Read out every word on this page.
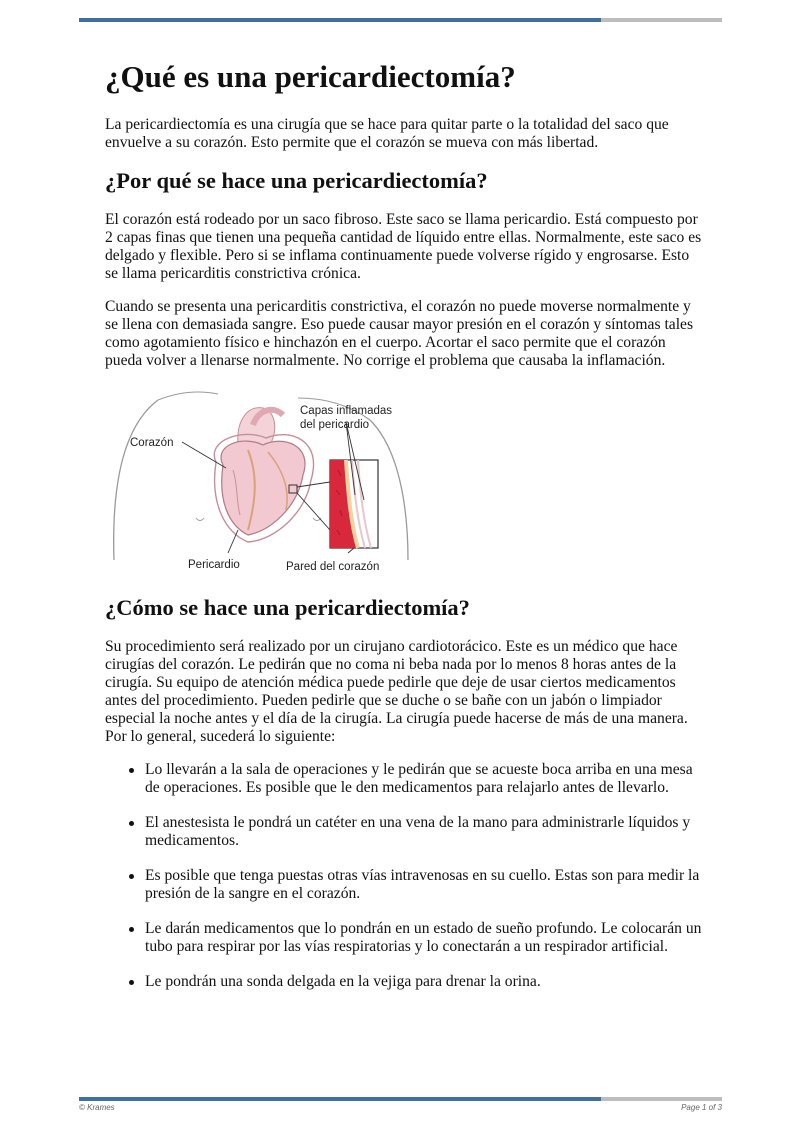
¿Qué es una pericardiectomía?

La pericardiectomía es una cirugía que se hace para quitar parte o la totalidad del saco que envuelve a su corazón. Esto permite que el corazón se mueva con más libertad.

¿Por qué se hace una pericardiectomía?

El corazón está rodeado por un saco fibroso. Este saco se llama pericardio. Está compuesto por 2 capas finas que tienen una pequeña cantidad de líquido entre ellas. Normalmente, este saco es delgado y flexible. Pero si se inflama continuamente puede volverse rígido y engrosarse. Esto se llama pericarditis constrictiva crónica.

Cuando se presenta una pericarditis constrictiva, el corazón no puede moverse normalmente y se llena con demasiada sangre. Eso puede causar mayor presión en el corazón y síntomas tales como agotamiento físico e hinchazón en el cuerpo. Acortar el saco permite que el corazón pueda volver a llenarse normalmente. No corrige el problema que causaba la inflamación.

Corazón
Capas inflamadas
del pericardio
Pericardio	Pared del corazón
¿Cómo se hace una pericardiectomía?

Su procedimiento será realizado por un cirujano cardiotorácico. Este es un médico que hace cirugías del corazón. Le pedirán que no coma ni beba nada por lo menos 8 horas antes de la cirugía. Su equipo de atención médica puede pedirle que deje de usar ciertos medicamentos antes del procedimiento. Pueden pedirle que se duche o se bañe con un jabón o limpiador especial la noche antes y el día de la cirugía. La cirugía puede hacerse de más de una manera. Por lo general, sucederá lo siguiente:

Lo llevarán a la sala de operaciones y le pedirán que se acueste boca arriba en una mesa de operaciones. Es posible que le den medicamentos para relajarlo antes de llevarlo.
El anestesista le pondrá un catéter en una vena de la mano para administrarle líquidos y medicamentos.
Es posible que tenga puestas otras vías intravenosas en su cuello. Estas son para medir la presión de la sangre en el corazón.
Le darán medicamentos que lo pondrán en un estado de sueño profundo. Le colocarán un tubo para respirar por las vías respiratorias y lo conectarán a un respirador artificial.
Le pondrán una sonda delgada en la vejiga para drenar la orina.
© Krames	Page 1 of 3
